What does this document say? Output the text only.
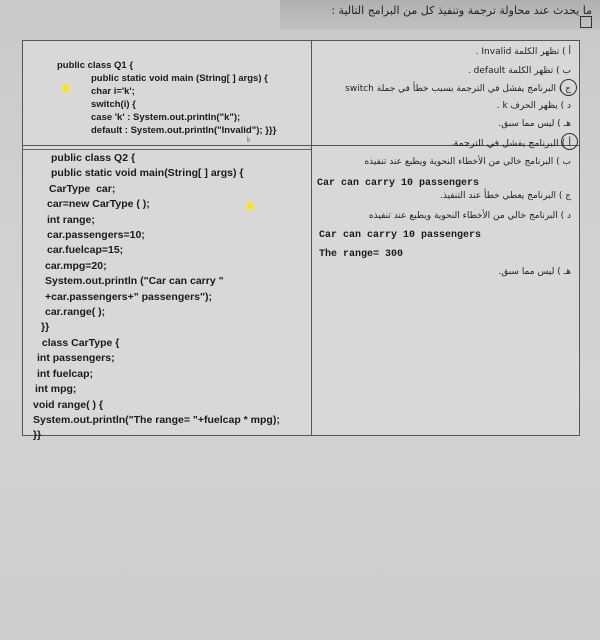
ما يحدث عند محاولة ترجمة وتنفيذ كل من البرامج التالية :
public class Q1 {
public static void main (String[ ] args) {
char i='k';
switch(i) {
case 'k' : System.out.println("k");
default : System.out.println("Invalid"); }}}
k
أ ) تظهر الكلمة Invalid .
ب ) تظهر الكلمة default .
ج ) البرنامج يفشل في الترجمة بسبب خطأ في جملة switch
د ) يظهر الحرف k .
هـ ) ليس مما سبق.
public class Q2 {
public static void main(String[ ] args) {
CarType  car;
car=new CarType ( );
int range;
car.passengers=10;
car.fuelcap=15;
car.mpg=20;
System.out.println ("Car can carry "
+car.passengers+" passengers");
car.range( );
}}
class CarType {
int passengers;
int fuelcap;
int mpg;
void range( ) {
System.out.println("The range= "+fuelcap * mpg);
}}
أ ) البرنامج يفشل في الترجمة.
ب ) البرنامج خالي من الأخطاء النحوية ويطبع عند تنفيذه
Car can carry 10 passengers
ج ) البرنامج يعطي خطأ عند التنفيذ.
د ) البرنامج خالي من الأخطاء النحوية ويطبع عند تنفيذه
Car can carry 10 passengers
The range= 300
هـ ) ليس مما سبق.
